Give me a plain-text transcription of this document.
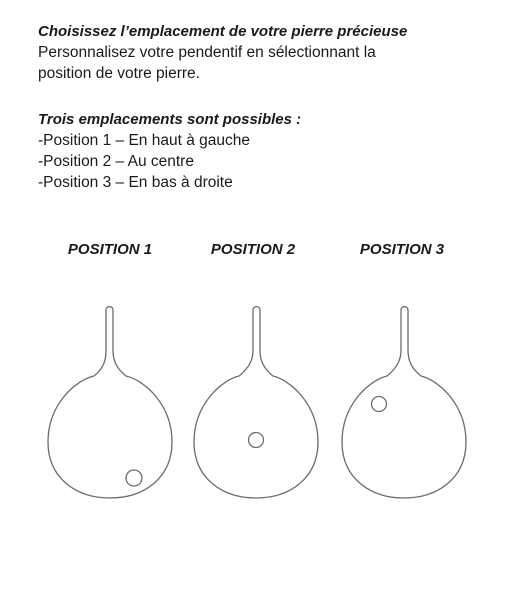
Choisissez l’emplacement de votre pierre précieuse

Personnalisez votre pendentif en sélectionnant la

position de votre pierre.

Trois emplacements sont possibles :

-Position 1 – En haut à gauche

-Position 2 – Au centre

-Position 3 – En bas à droite

POSITION 1	POSITION 2	POSITION 3
